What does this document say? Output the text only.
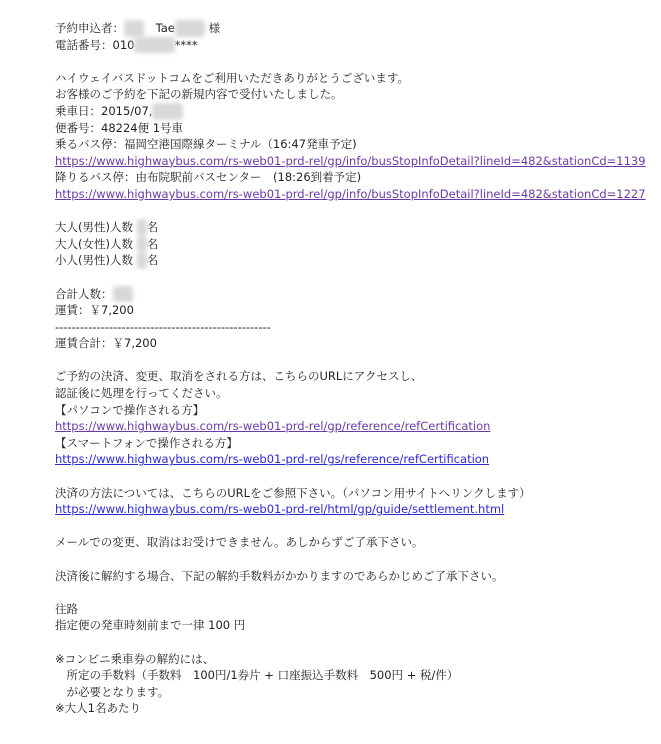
予約申込者：　Tae	様
電話番号：010	****
ハイウェイバスドットコムをご利用いただきありがとうございます。
お客様のご予約を下記の新規内容で受付いたしました。
乗車日：2015/07,
便番号：48224便 1号車
乗るバス停：福岡空港国際線ターミナル（16:47発車予定)
https://www.highwaybus.com/rs-web01-prd-rel/gp/info/busStopInfoDetail?lineId=482&stationCd=1139
降りるバス停：由布院駅前バスセンター　(18:26到着予定)
https://www.highwaybus.com/rs-web01-prd-rel/gp/info/busStopInfoDetail?lineId=482&stationCd=1227
大人(男性)人数 名
大人(女性)人数 名
小人(男性)人数 名
合計人数：
運賃：￥7,200
----------------------------------------------------
運賃合計：￥7,200
ご予約の決済、変更、取消をされる方は、こちらのURLにアクセスし、
認証後に処理を行ってください。
【パソコンで操作される方】
https://www.highwaybus.com/rs-web01-prd-rel/gp/reference/refCertification
【スマートフォンで操作される方】
https://www.highwaybus.com/rs-web01-prd-rel/gs/reference/refCertification
決済の方法については、こちらのURLをご参照下さい。（パソコン用サイトへリンクします）
https://www.highwaybus.com/rs-web01-prd-rel/html/gp/guide/settlement.html
メールでの変更、取消はお受けできません。あしからずご了承下さい。
決済後に解約する場合、下記の解約手数料がかかりますのであらかじめご了承下さい。
往路
指定便の発車時刻前まで一律 100 円
※コンビニ乗車券の解約には、
　所定の手数料（手数料　100円/1券片 + 口座振込手数料　500円 + 税/件）
　が必要となります。
※大人1名あたり
